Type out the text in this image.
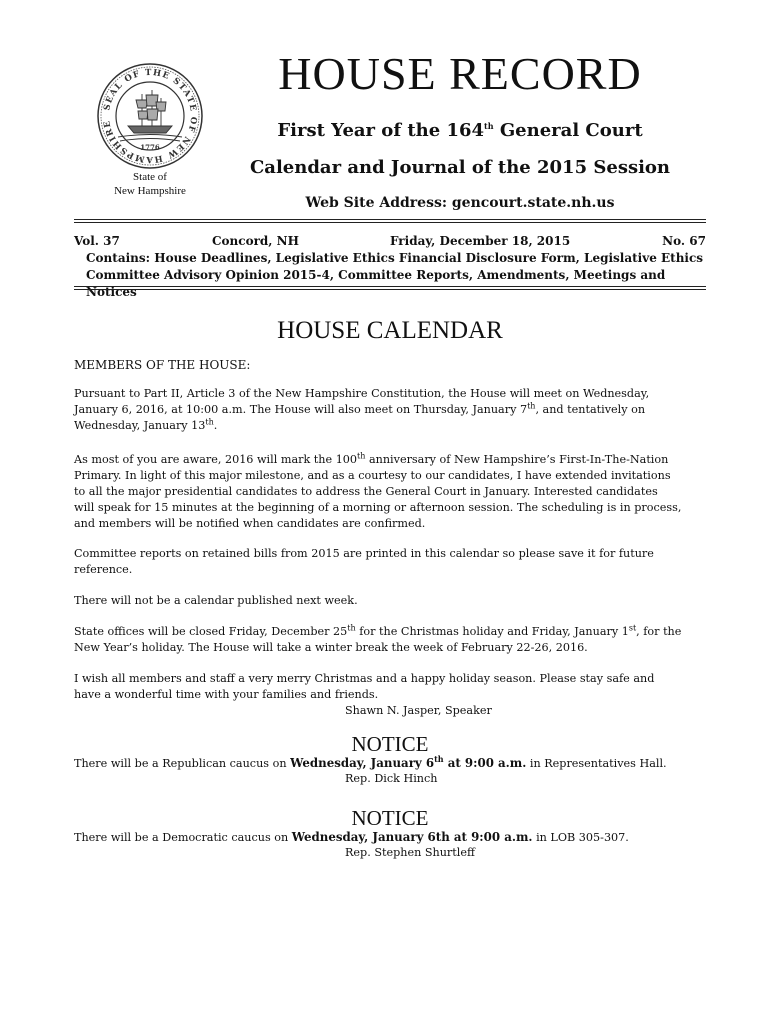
SEAL OF THE STATE OF NEW HAMPSHIRE
1776
State of
New Hampshire
HOUSE RECORD
First Year of the 164th General Court
Calendar and Journal of the 2015 Session
Web Site Address: gencourt.state.nh.us
Vol. 37	Concord, NH	Friday, December 18, 2015	No. 67
Contains: House Deadlines, Legislative Ethics Financial Disclosure Form, Legislative Ethics
Committee Advisory Opinion 2015-4, Committee Reports, Amendments, Meetings and Notices
HOUSE CALENDAR
MEMBERS OF THE HOUSE:

Pursuant to Part II, Article 3 of the New Hampshire Constitution, the House will meet on Wednesday,

January 6, 2016, at 10:00 a.m. The House will also meet on Thursday, January 7th, and tentatively on

Wednesday, January 13th.

As most of you are aware, 2016 will mark the 100th anniversary of New Hampshire’s First-In-The-Nation

Primary. In light of this major milestone, and as a courtesy to our candidates, I have extended invitations

to all the major presidential candidates to address the General Court in January. Interested candidates

will speak for 15 minutes at the beginning of a morning or afternoon session. The scheduling is in process,

and members will be notified when candidates are confirmed.

Committee reports on retained bills from 2015 are printed in this calendar so please save it for future

reference.

There will not be a calendar published next week.

State offices will be closed Friday, December 25th for the Christmas holiday and Friday, January 1st, for the

New Year’s holiday. The House will take a winter break the week of February 22-26, 2016.

I wish all members and staff a very merry Christmas and a happy holiday season. Please stay safe and

have a wonderful time with your families and friends.

Shawn N. Jasper, Speaker
NOTICE
There will be a Republican caucus on Wednesday, January 6th at 9:00 a.m. in Representatives Hall.
Rep. Dick Hinch
NOTICE
There will be a Democratic caucus on Wednesday, January 6th at 9:00 a.m. in LOB 305-307.
Rep. Stephen Shurtleff
